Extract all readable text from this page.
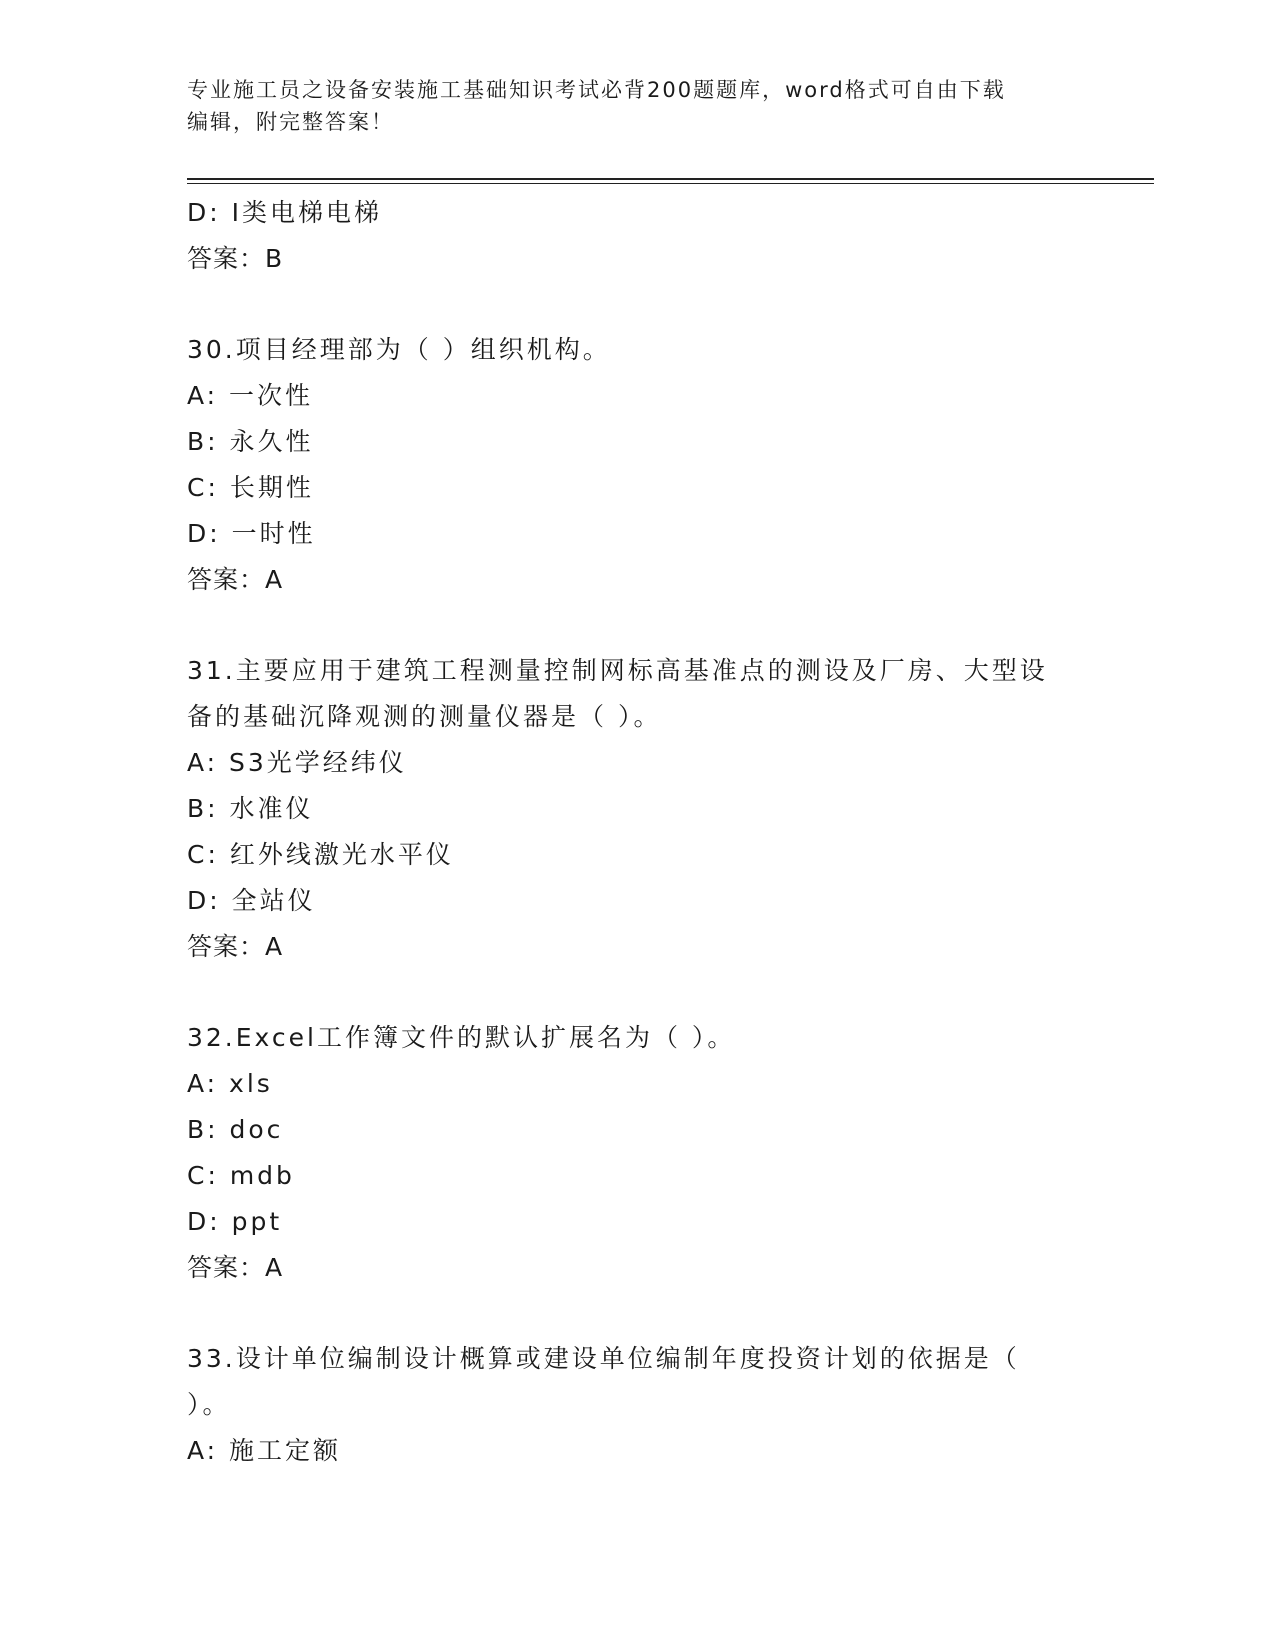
专业施工员之设备安装施工基础知识考试必背200题题库，word格式可自由下载
编辑，附完整答案！
D: Ⅰ类电梯电梯
答案：B
30.项目经理部为（ ）组织机构。
A: 一次性
B: 永久性
C: 长期性
D: 一时性
答案：A
31.主要应用于建筑工程测量控制网标高基准点的测设及厂房、大型设
备的基础沉降观测的测量仪器是（ ）。
A: S3光学经纬仪
B: 水准仪
C: 红外线激光水平仪
D: 全站仪
答案：A
32.Excel工作簿文件的默认扩展名为（ ）。
A: xls
B: doc
C: mdb
D: ppt
答案：A
33.设计单位编制设计概算或建设单位编制年度投资计划的依据是（
）。
A: 施工定额
